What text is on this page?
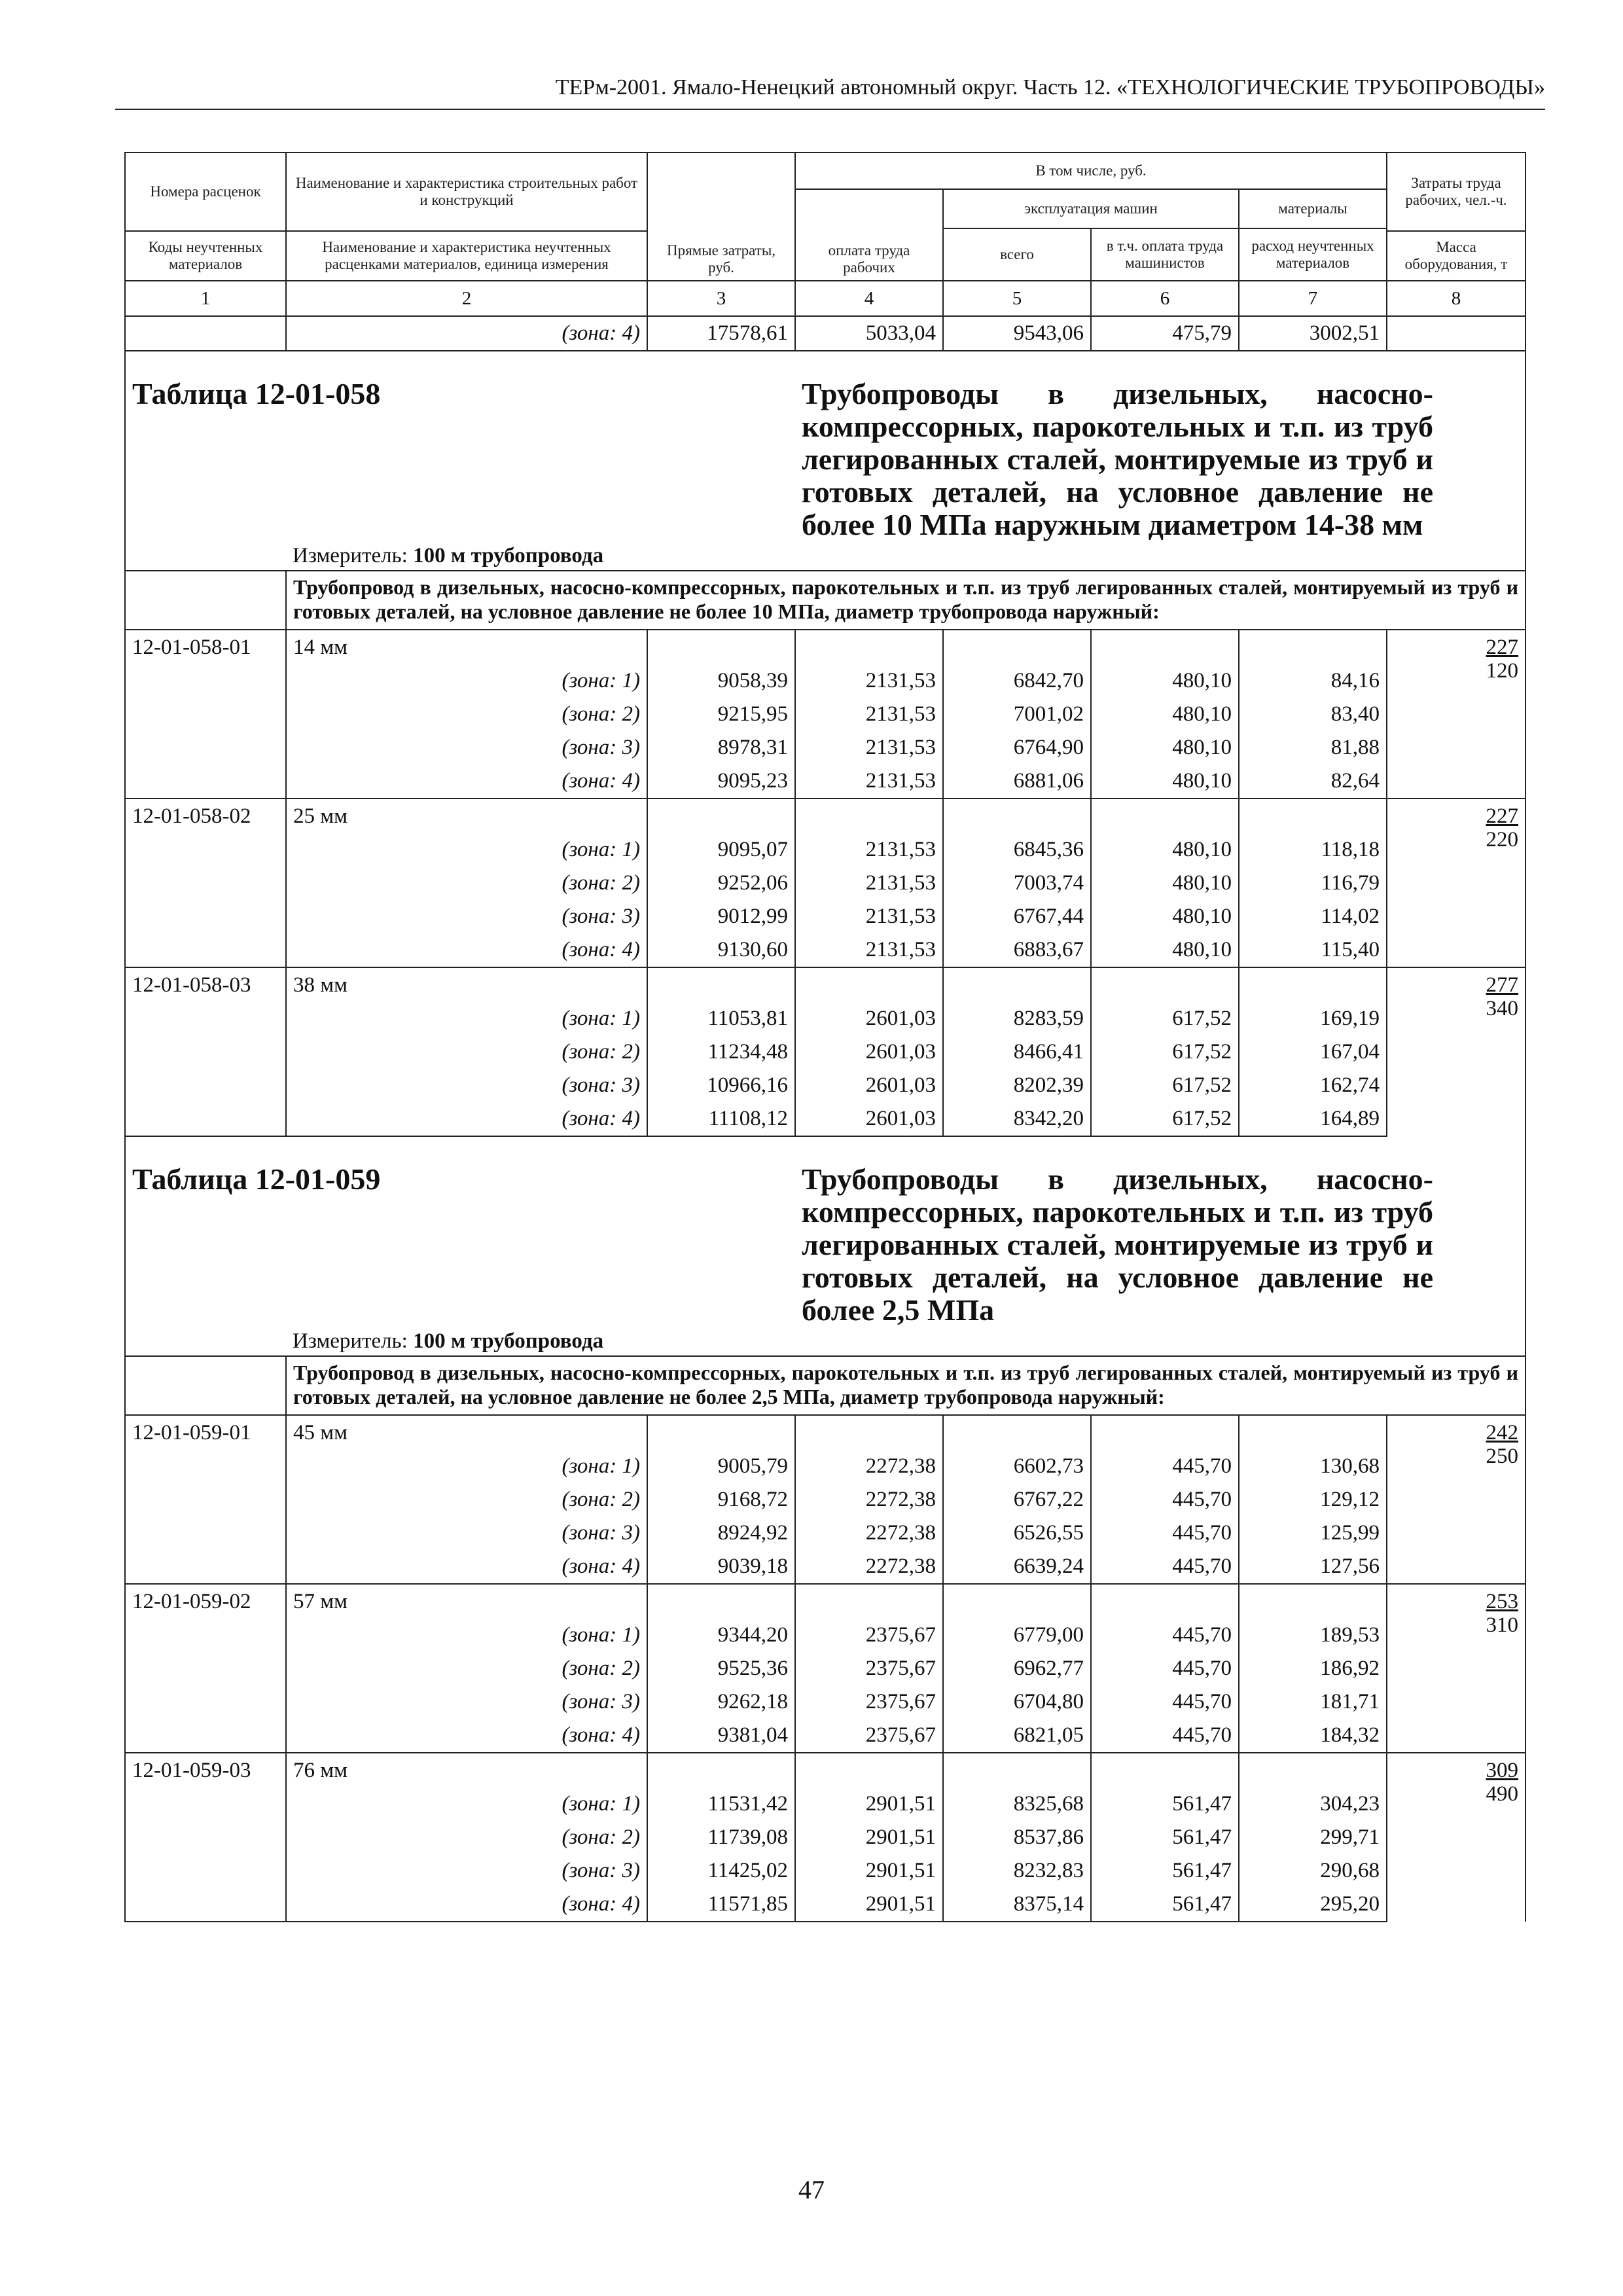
ТЕРм-2001. Ямало-Ненецкий автономный округ. Часть 12. «ТЕХНОЛОГИЧЕСКИЕ ТРУБОПРОВОДЫ»
Номера расценок	Наименование и характеристика строительных работ и конструкций	Прямые затраты, руб.	В том числе, руб.				Затраты труда рабочих, чел.-ч.
			оплата труда рабочих	эксплуатация машин		материалы	
				всего	в т.ч. оплата труда машинистов	расход неучтенных материалов	
Коды неучтенных материалов	Наименование и характеристика неучтенных расценками материалов, единица измерения						Масса оборудования, т
1	2	3	4	5	6	7	8
	(зона: 4)	17578,61	5033,04	9543,06	475,79	3002,51	
Таблица 12-01-058			Трубопроводы в дизельных, насосно-компрессорных, парокотельных и т.п. из труб легированных сталей, монтируемые из труб и готовых деталей, на условное давление не более 10 МПа наружным диаметром 14-38 мм				
	Измеритель: 100 м трубопровода						
	Трубопровод в дизельных, насосно-компрессорных, парокотельных и т.п. из труб легированных сталей, монтируемый из труб и готовых деталей, на условное давление не более 10 МПа, диаметр трубопровода наружный:						
12-01-058-01	14 мм						227
120
	(зона: 1)	9058,39	2131,53	6842,70	480,10	84,16	
	(зона: 2)	9215,95	2131,53	7001,02	480,10	83,40	
	(зона: 3)	8978,31	2131,53	6764,90	480,10	81,88	
	(зона: 4)	9095,23	2131,53	6881,06	480,10	82,64	
12-01-058-02	25 мм						227
220
	(зона: 1)	9095,07	2131,53	6845,36	480,10	118,18	
	(зона: 2)	9252,06	2131,53	7003,74	480,10	116,79	
	(зона: 3)	9012,99	2131,53	6767,44	480,10	114,02	
	(зона: 4)	9130,60	2131,53	6883,67	480,10	115,40	
12-01-058-03	38 мм						277
340
	(зона: 1)	11053,81	2601,03	8283,59	617,52	169,19	
	(зона: 2)	11234,48	2601,03	8466,41	617,52	167,04	
	(зона: 3)	10966,16	2601,03	8202,39	617,52	162,74	
	(зона: 4)	11108,12	2601,03	8342,20	617,52	164,89	
Таблица 12-01-059			Трубопроводы в дизельных, насосно-компрессорных, парокотельных и т.п. из труб легированных сталей, монтируемые из труб и готовых деталей, на условное давление не более 2,5 МПа				
	Измеритель: 100 м трубопровода						
	Трубопровод в дизельных, насосно-компрессорных, парокотельных и т.п. из труб легированных сталей, монтируемый из труб и готовых деталей, на условное давление не более 2,5 МПа, диаметр трубопровода наружный:						
12-01-059-01	45 мм						242
250
	(зона: 1)	9005,79	2272,38	6602,73	445,70	130,68	
	(зона: 2)	9168,72	2272,38	6767,22	445,70	129,12	
	(зона: 3)	8924,92	2272,38	6526,55	445,70	125,99	
	(зона: 4)	9039,18	2272,38	6639,24	445,70	127,56	
12-01-059-02	57 мм						253
310
	(зона: 1)	9344,20	2375,67	6779,00	445,70	189,53	
	(зона: 2)	9525,36	2375,67	6962,77	445,70	186,92	
	(зона: 3)	9262,18	2375,67	6704,80	445,70	181,71	
	(зона: 4)	9381,04	2375,67	6821,05	445,70	184,32	
12-01-059-03	76 мм						309
490
	(зона: 1)	11531,42	2901,51	8325,68	561,47	304,23	
	(зона: 2)	11739,08	2901,51	8537,86	561,47	299,71	
	(зона: 3)	11425,02	2901,51	8232,83	561,47	290,68	
	(зона: 4)	11571,85	2901,51	8375,14	561,47	295,20	
47
